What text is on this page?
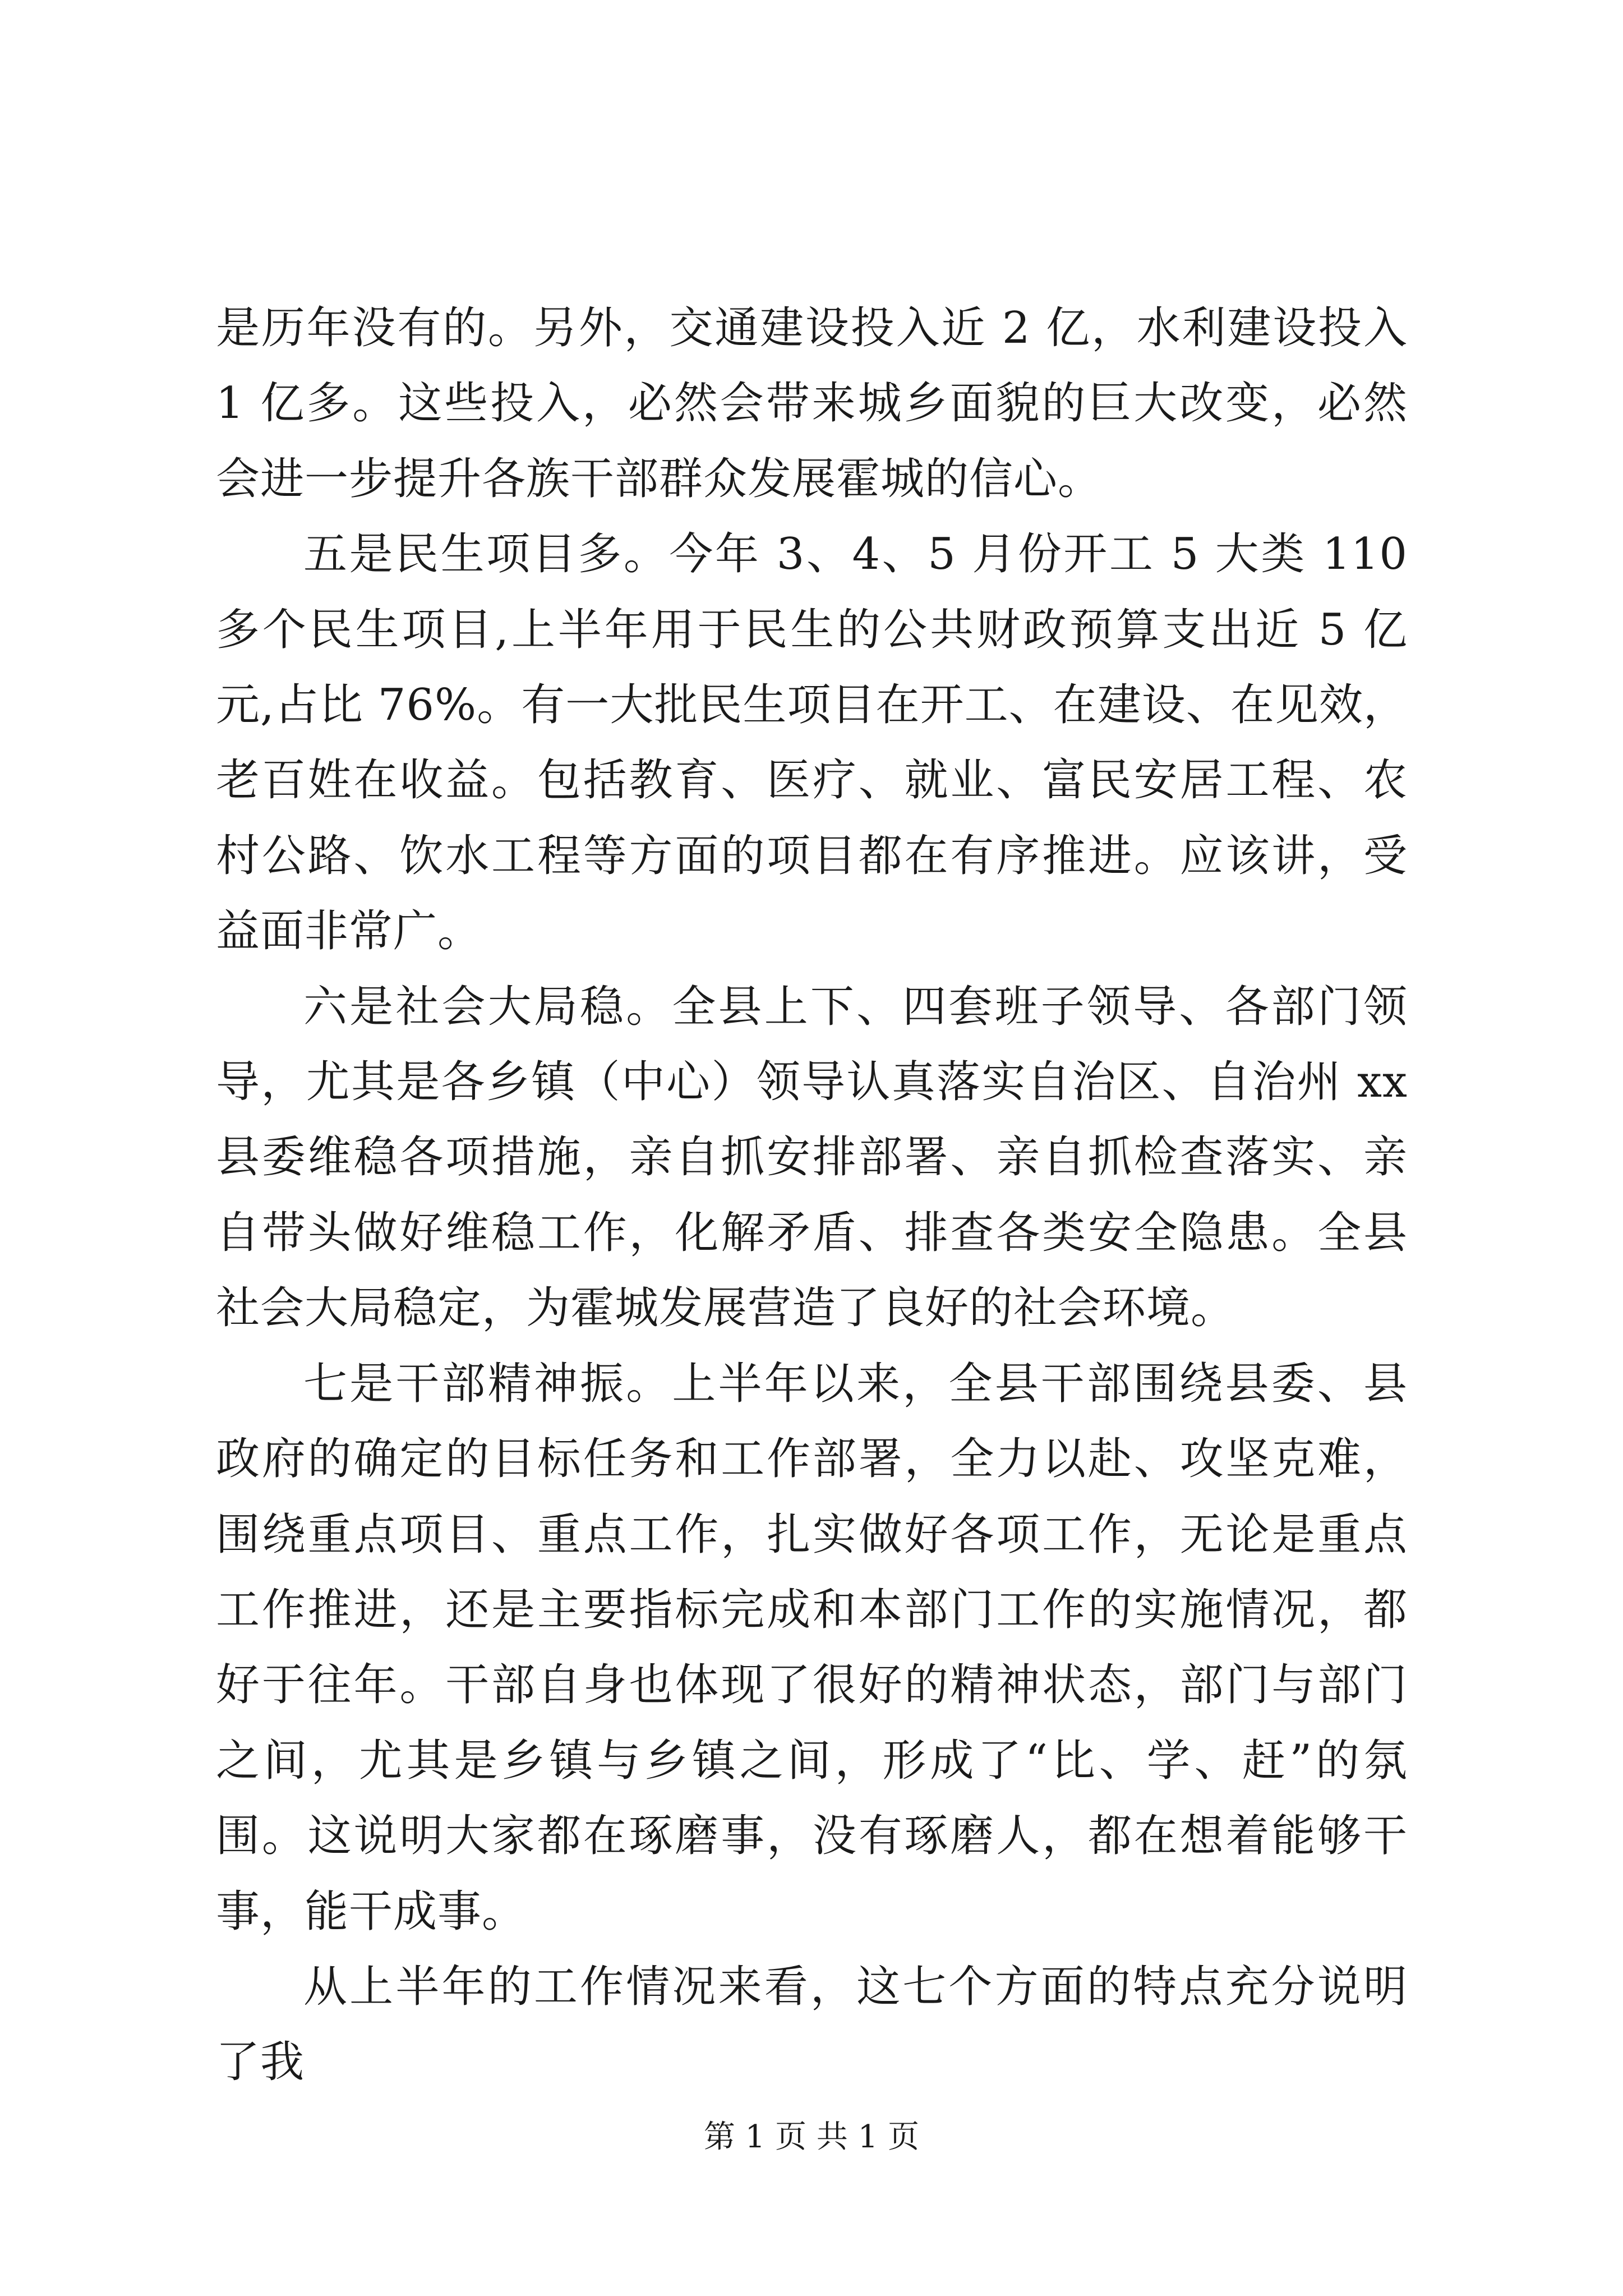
是历年没有的。另外，交通建设投入近 2 亿，水利建设投入 1 亿多。这些投入，必然会带来城乡面貌的巨大改变，必然会进一步提升各族干部群众发展霍城的信心。

五是民生项目多。今年 3、4、5 月份开工 5 大类 110 多个民生项目,上半年用于民生的公共财政预算支出近 5 亿元,占比 76%。有一大批民生项目在开工、在建设、在见效，老百姓在收益。包括教育、医疗、就业、富民安居工程、农村公路、饮水工程等方面的项目都在有序推进。应该讲，受益面非常广。

六是社会大局稳。全县上下、四套班子领导、各部门领导，尤其是各乡镇（中心）领导认真落实自治区、自治州 xx 县委维稳各项措施，亲自抓安排部署、亲自抓检查落实、亲自带头做好维稳工作，化解矛盾、排查各类安全隐患。全县社会大局稳定，为霍城发展营造了良好的社会环境。

七是干部精神振。上半年以来，全县干部围绕县委、县政府的确定的目标任务和工作部署，全力以赴、攻坚克难，围绕重点项目、重点工作，扎实做好各项工作，无论是重点工作推进，还是主要指标完成和本部门工作的实施情况，都好于往年。干部自身也体现了很好的精神状态，部门与部门之间，尤其是乡镇与乡镇之间，形成了“比、学、赶”的氛围。这说明大家都在琢磨事，没有琢磨人，都在想着能够干事，能干成事。

从上半年的工作情况来看，这七个方面的特点充分说明了我

第 1 页 共 1 页
